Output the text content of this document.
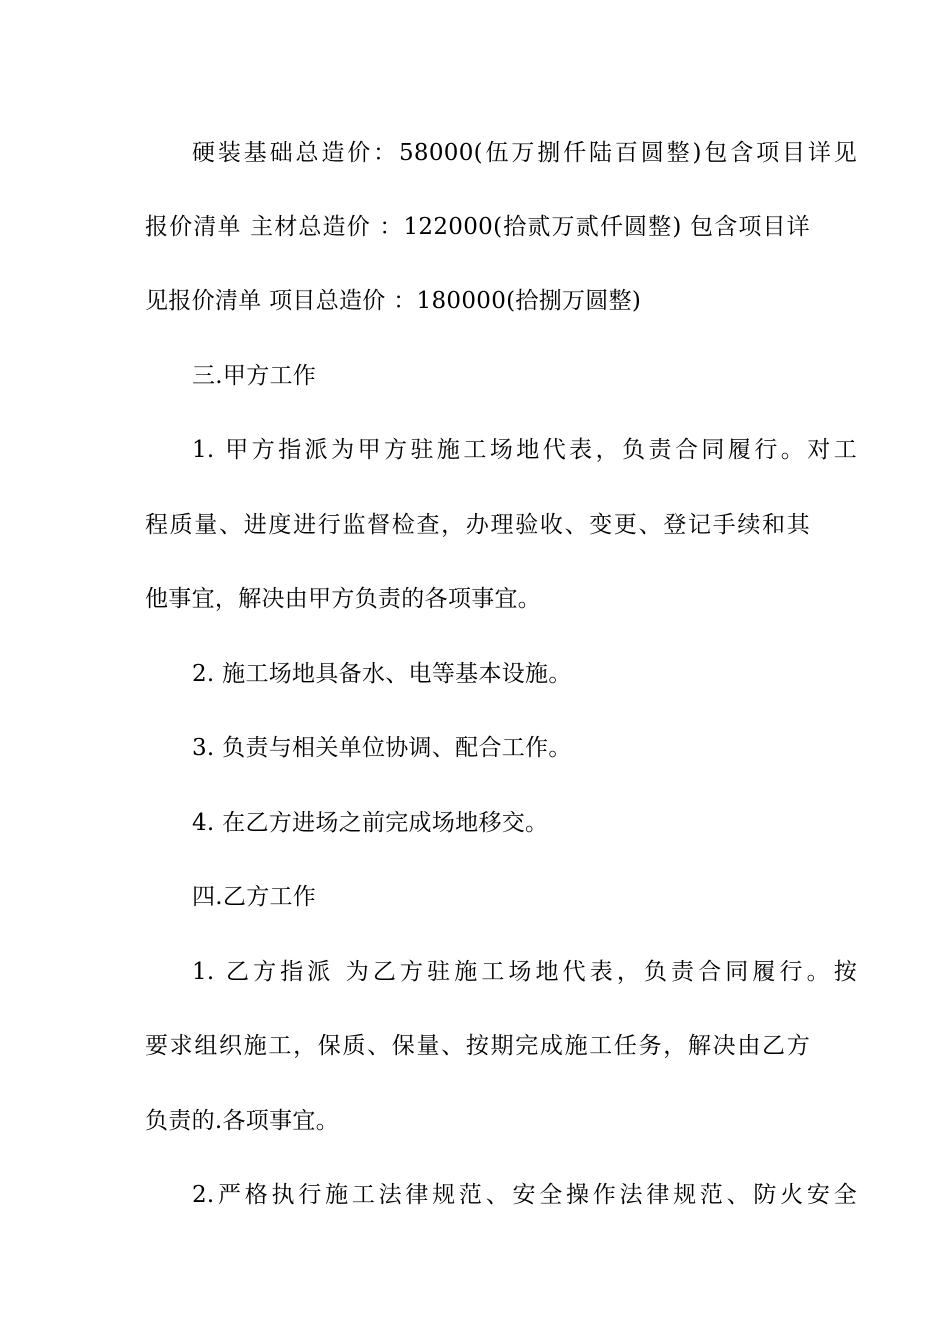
硬装基础总造价：58000(伍万捌仟陆百圆整)包含项目详见
报价清单 主材总造价 ：122000(拾贰万贰仟圆整) 包含项目详
见报价清单 项目总造价 ：180000(拾捌万圆整)
三.甲方工作
1. 甲方指派为甲方驻施工场地代表，负责合同履行。对工
程质量、进度进行监督检查，办理验收、变更、登记手续和其
他事宜，解决由甲方负责的各项事宜。
2. 施工场地具备水、电等基本设施。
3. 负责与相关单位协调、配合工作。
4. 在乙方进场之前完成场地移交。
四.乙方工作
1. 乙方指派 为乙方驻施工场地代表，负责合同履行。按
要求组织施工，保质、保量、按期完成施工任务，解决由乙方
负责的.各项事宜。
2.严格执行施工法律规范、安全操作法律规范、防火安全
